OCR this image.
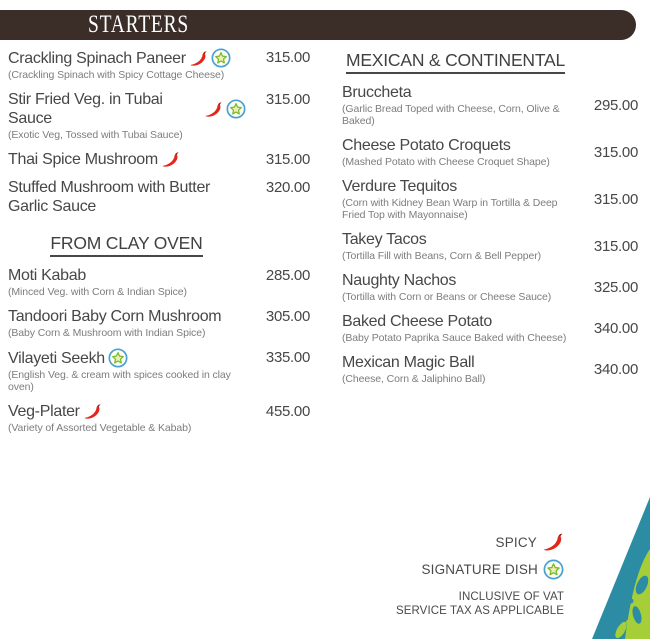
STARTERS
Crackling Spinach Paneer
(Crackling Spinach with Spicy Cottage Cheese)
315.00
Stir Fried Veg. in Tubai Sauce
(Exotic Veg, Tossed with Tubai Sauce)
315.00
Thai Spice Mushroom	315.00
Stuffed Mushroom with Butter Garlic Sauce
320.00
FROM CLAY OVEN
Moti Kabab
(Minced Veg. with Corn & Indian Spice)
285.00
Tandoori Baby Corn Mushroom
(Baby Corn & Mushroom with Indian Spice)
305.00
Vilayeti Seekh
(English Veg. & cream with spices cooked in clay oven)
335.00
Veg-Plater
(Variety of Assorted Vegetable & Kabab)
455.00
MEXICAN & CONTINENTAL
Bruccheta
(Garlic Bread Toped with Cheese, Corn, Olive & Baked)
295.00
Cheese Potato Croquets
(Mashed Potato with Cheese Croquet Shape)
315.00
Verdure Tequitos
(Corn with Kidney Bean Warp in Tortilla & Deep Fried Top with Mayonnaise)
315.00
Takey Tacos
(Tortilla Fill with Beans, Corn & Bell Pepper)
315.00
Naughty Nachos
(Tortilla with Corn or Beans or Cheese Sauce)
325.00
Baked Cheese Potato
(Baby Potato Paprika Sauce Baked with Cheese)
340.00
Mexican Magic Ball
(Cheese, Corn & Jaliphino Ball)
340.00
SPICY
SIGNATURE DISH
INCLUSIVE OF VAT
SERVICE TAX AS APPLICABLE
